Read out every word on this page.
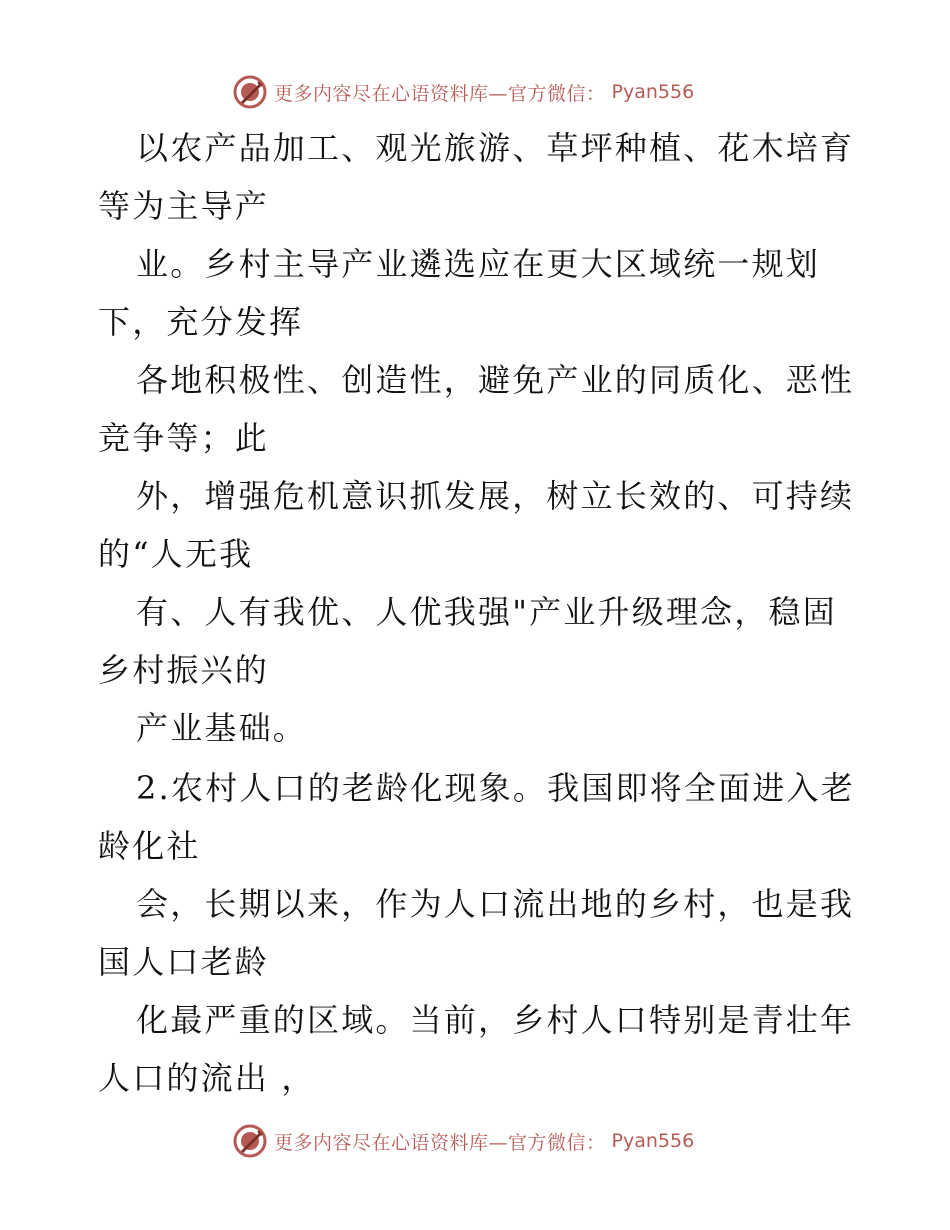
更多内容尽在心语资料库—官方微信： Pyan556
以农产品加工、观光旅游、草坪种植、花木培育
等为主导产
业。乡村主导产业遴选应在更大区域统一规划
下，充分发挥
各地积极性、创造性，避免产业的同质化、恶性
竞争等；此
外，增强危机意识抓发展，树立长效的、可持续
的“人无我
有、人有我优、人优我强"产业升级理念，稳固
乡村振兴的
产业基础。
2.农村人口的老龄化现象。我国即将全面进入老
龄化社
会，长期以来，作为人口流出地的乡村，也是我
国人口老龄
化最严重的区域。当前，乡村人口特别是青壮年
人口的流出 ，
更多内容尽在心语资料库—官方微信： Pyan556
